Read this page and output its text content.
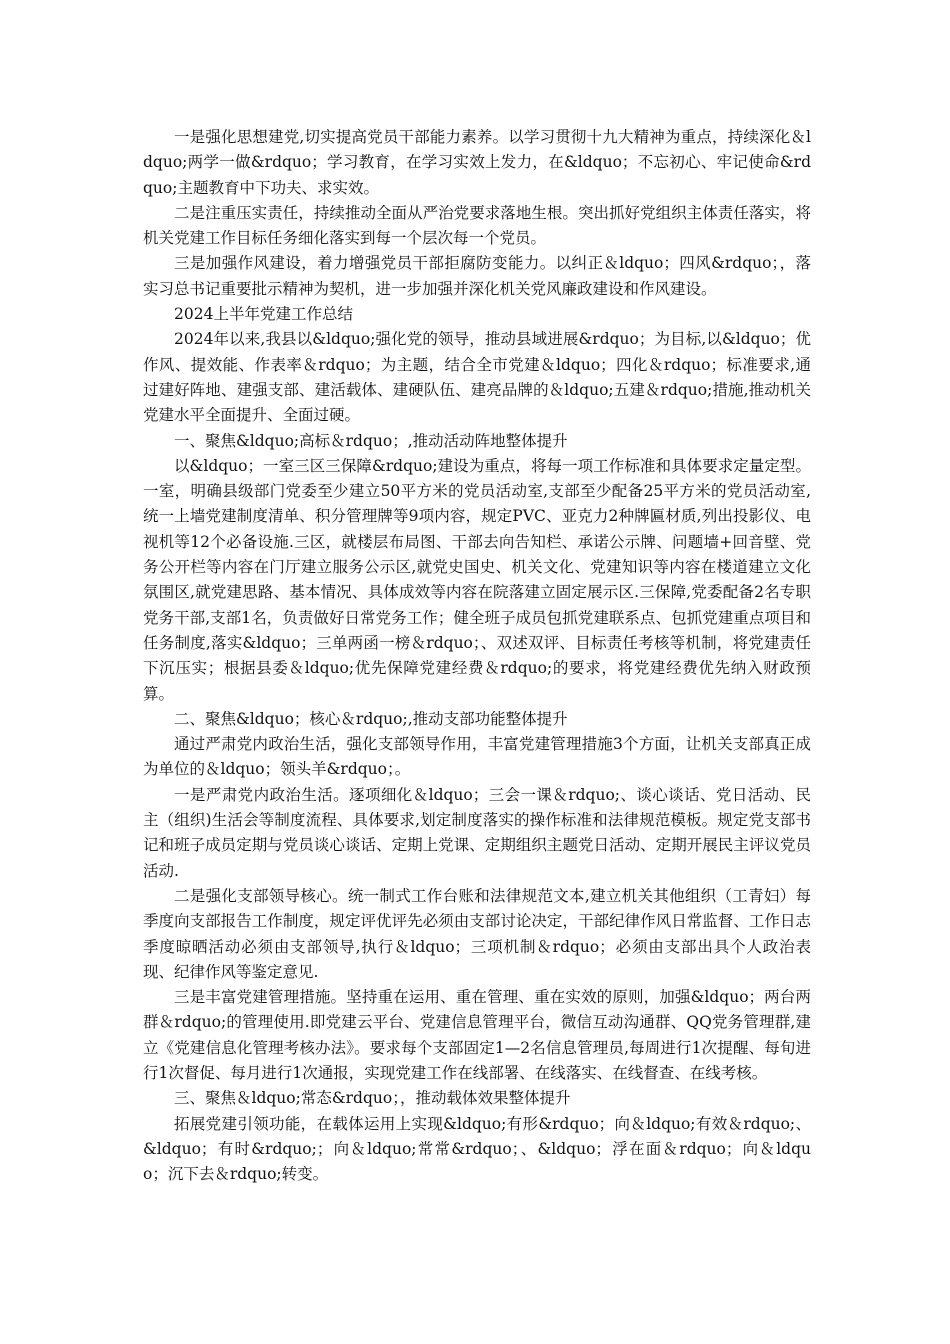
一是强化思想建党,切实提高党员干部能力素养。以学习贯彻十九大精神为重点，持续深化＆ldquo;两学一做&rdquo；学习教育，在学习实效上发力，在&ldquo；不忘初心、牢记使命&rdquo;主题教育中下功夫、求实效。

二是注重压实责任，持续推动全面从严治党要求落地生根。突出抓好党组织主体责任落实，将机关党建工作目标任务细化落实到每一个层次每一个党员。

三是加强作风建设，着力增强党员干部拒腐防变能力。以纠正＆ldquo；四风&rdquo；，落实习总书记重要批示精神为契机，进一步加强并深化机关党风廉政建设和作风建设。

2024上半年党建工作总结

2024年以来,我县以&ldquo;强化党的领导，推动县域进展&rdquo；为目标,以&ldquo；优作风、提效能、作表率＆rdquo；为主题，结合全市党建＆ldquo；四化＆rdquo；标准要求,通过建好阵地、建强支部、建活载体、建硬队伍、建亮品牌的＆ldquo;五建＆rdquo;措施,推动机关党建水平全面提升、全面过硬。

一、聚焦&ldquo;高标＆rdquo；,推动活动阵地整体提升

以&ldquo；一室三区三保障&rdquo;建设为重点，将每一项工作标准和具体要求定量定型。一室，明确县级部门党委至少建立50平方米的党员活动室,支部至少配备25平方米的党员活动室,统一上墙党建制度清单、积分管理牌等9项内容，规定PVC、亚克力2种牌匾材质,列出投影仪、电视机等12个必备设施.三区，就楼层布局图、干部去向告知栏、承诺公示牌、问题墙+回音壁、党务公开栏等内容在门厅建立服务公示区,就党史国史、机关文化、党建知识等内容在楼道建立文化氛围区,就党建思路、基本情况、具体成效等内容在院落建立固定展示区.三保障,党委配备2名专职党务干部,支部1名，负责做好日常党务工作；健全班子成员包抓党建联系点、包抓党建重点项目和任务制度,落实&ldquo；三单两函一榜＆rdquo；、双述双评、目标责任考核等机制，将党建责任下沉压实；根据县委＆ldquo;优先保障党建经费＆rdquo;的要求，将党建经费优先纳入财政预算。

二、聚焦&ldquo；核心＆rdquo;,推动支部功能整体提升

通过严肃党内政治生活，强化支部领导作用，丰富党建管理措施3个方面，让机关支部真正成为单位的＆ldquo；领头羊&rdquo；。

一是严肃党内政治生活。逐项细化＆ldquo；三会一课＆rdquo;、谈心谈话、党日活动、民主（组织)生活会等制度流程、具体要求,划定制度落实的操作标准和法律规范模板。规定党支部书记和班子成员定期与党员谈心谈话、定期上党课、定期组织主题党日活动、定期开展民主评议党员活动.

二是强化支部领导核心。统一制式工作台账和法律规范文本,建立机关其他组织（工青妇）每季度向支部报告工作制度，规定评优评先必须由支部讨论决定，干部纪律作风日常监督、工作日志季度晾晒活动必须由支部领导,执行＆ldquo；三项机制＆rdquo；必须由支部出具个人政治表现、纪律作风等鉴定意见.

三是丰富党建管理措施。坚持重在运用、重在管理、重在实效的原则，加强&ldquo；两台两群＆rdquo;的管理使用.即党建云平台、党建信息管理平台，微信互动沟通群、QQ党务管理群,建立《党建信息化管理考核办法》。要求每个支部固定1—2名信息管理员,每周进行1次提醒、每旬进行1次督促、每月进行1次通报，实现党建工作在线部署、在线落实、在线督查、在线考核。

三、聚焦＆ldquo;常态&rdquo；，推动载体效果整体提升

拓展党建引领功能，在载体运用上实现&ldquo;有形&rdquo；向＆ldquo;有效＆rdquo;、&ldquo；有时&rdquo;；向＆ldquo;常常&rdquo；、&ldquo；浮在面＆rdquo；向＆ldquo；沉下去＆rdquo;转变。
